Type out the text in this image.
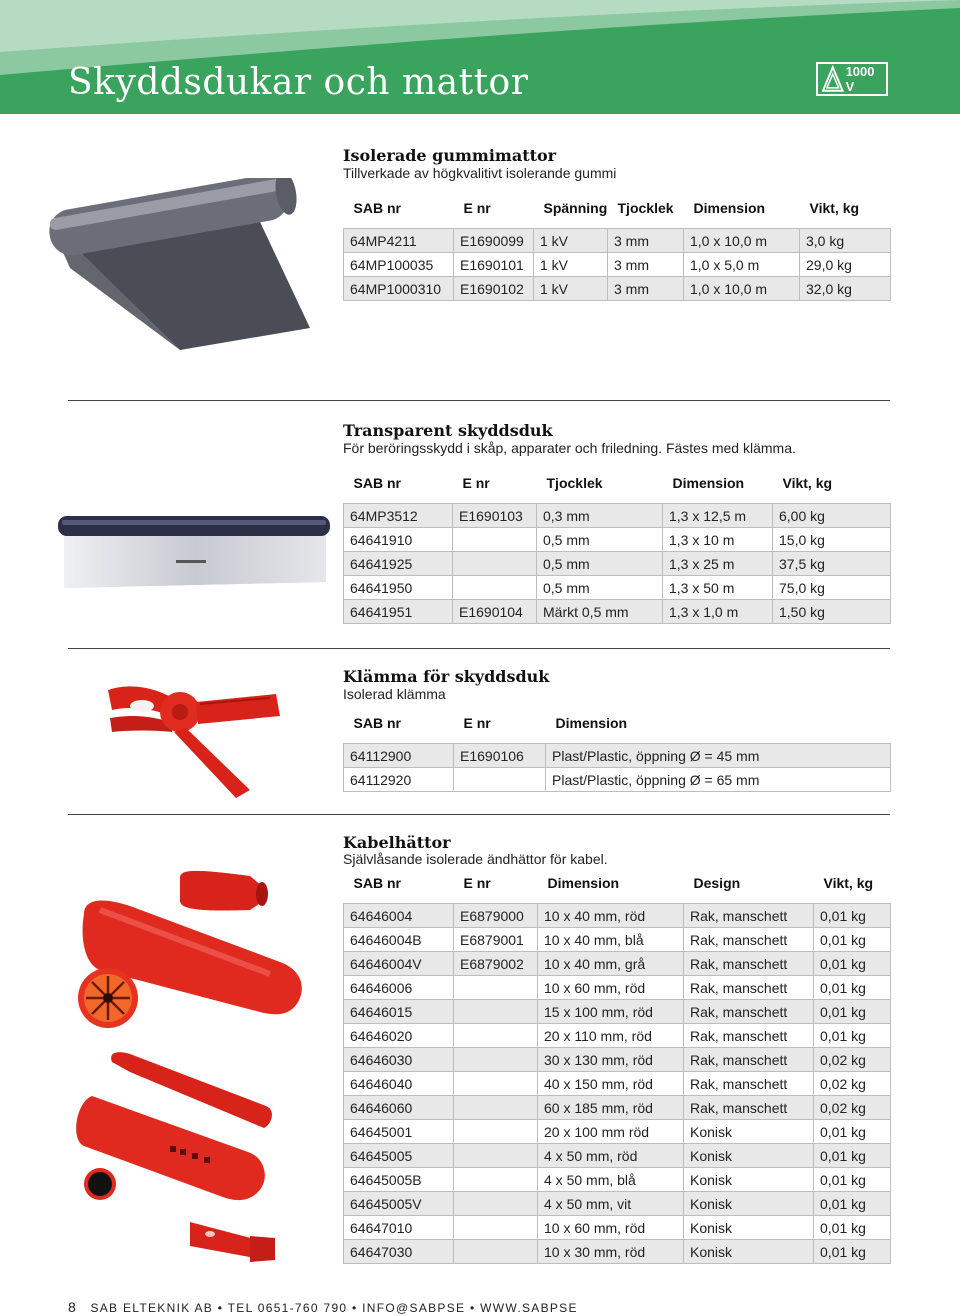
Skyddsdukar och mattor	1000 V
Isolerade gummimattor
Tillverkade av högkvalitivt isolerande gummi
SAB nr	E nr	Spänning	Tjocklek	Dimension	Vikt, kg
64MP4211	E1690099	1 kV	3 mm	1,0 x 10,0 m	3,0 kg
64MP100035	E1690101	1 kV	3 mm	1,0 x 5,0 m	29,0 kg
64MP1000310	E1690102	1 kV	3 mm	1,0 x 10,0 m	32,0 kg
Transparent skyddsduk
För beröringsskydd i skåp, apparater och friledning. Fästes med klämma.
SAB nr	E nr	Tjocklek	Dimension	Vikt, kg
64MP3512	E1690103	0,3 mm	1,3 x 12,5 m	6,00 kg
64641910		0,5 mm	1,3 x 10 m	15,0 kg
64641925		0,5 mm	1,3 x 25 m	37,5 kg
64641950		0,5 mm	1,3 x 50 m	75,0 kg
64641951	E1690104	Märkt 0,5 mm	1,3 x 1,0 m	1,50 kg
Klämma för skyddsduk
Isolerad klämma
SAB nr	E nr	Dimension
64112900	E1690106	Plast/Plastic, öppning Ø = 45 mm
64112920		Plast/Plastic, öppning Ø = 65 mm
Kabelhättor
Självlåsande isolerade ändhättor för kabel.
SAB nr	E nr	Dimension	Design	Vikt, kg
64646004	E6879000	10 x 40 mm, röd	Rak, manschett	0,01 kg
64646004B	E6879001	10 x 40 mm, blå	Rak, manschett	0,01 kg
64646004V	E6879002	10 x 40 mm, grå	Rak, manschett	0,01 kg
64646006		10 x 60 mm, röd	Rak, manschett	0,01 kg
64646015		15 x 100 mm, röd	Rak, manschett	0,01 kg
64646020		20 x 110 mm, röd	Rak, manschett	0,01 kg
64646030		30 x 130 mm, röd	Rak, manschett	0,02 kg
64646040		40 x 150 mm, röd	Rak, manschett	0,02 kg
64646060		60 x 185 mm, röd	Rak, manschett	0,02 kg
64645001		20 x 100 mm röd	Konisk	0,01 kg
64645005		4 x 50 mm, röd	Konisk	0,01 kg
64645005B		4 x 50 mm, blå	Konisk	0,01 kg
64645005V		4 x 50 mm, vit	Konisk	0,01 kg
64647010		10 x 60 mm, röd	Konisk	0,01 kg
64647030		10 x 30 mm, röd	Konisk	0,01 kg
8 SAB ELTEKNIK AB • TEL 0651-760 790 • INFO@SABPSE • WWW.SABPSE
